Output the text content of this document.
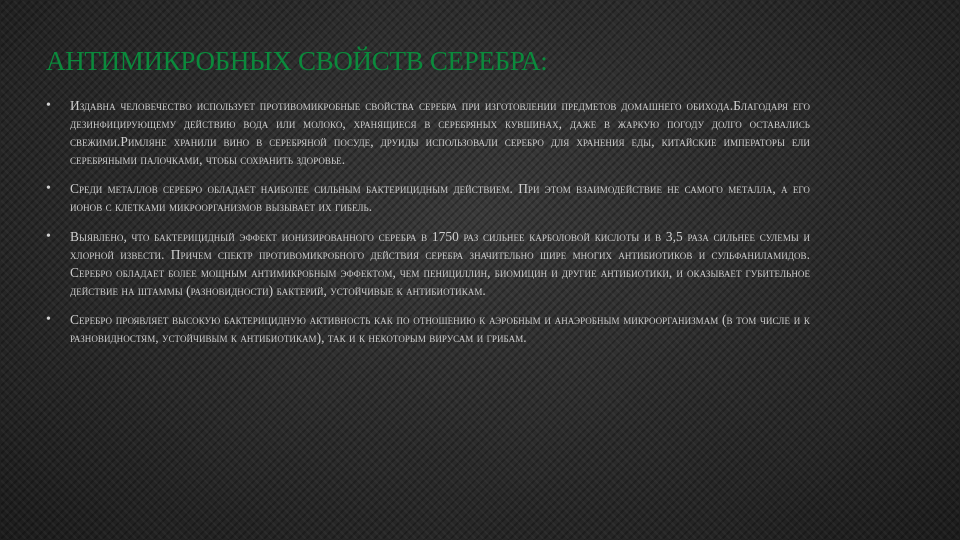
АНТИМИКРОБНЫХ СВОЙСТВ СЕРЕБРА:
• Издавна человечество использует противомикробные свойства серебра при изготовлении предметов домашнего обихода.Благодаря его дезинфицирующему действию вода или молоко, хранящиеся в серебряных кувшинах, даже в жаркую погоду долго оставались свежими.Римляне хранили вино в серебряной посуде, друиды использовали серебро для хранения еды, китайские императоры ели серебряными палочками, чтобы сохранить здоровье.
• Среди металлов серебро обладает наиболее сильным бактерицидным действием. При этом взаимодействие не самого металла, а его ионов с клетками микроорганизмов вызывает их гибель.
• Выявлено, что бактерицидный эффект ионизированного серебра в 1750 раз сильнее карболовой кислоты и в 3,5 раза сильнее сулемы и хлорной извести. Причем спектр противомикробного действия серебра значительно шире многих антибиотиков и сульфаниламидов. Серебро обладает более мощным антимикробным эффектом, чем пенициллин, биомицин и другие антибиотики, и оказывает губительное действие на штаммы (разновидности) бактерий, устойчивые к антибиотикам.
• Серебро проявляет высокую бактерицидную активность как по отношению к аэробным и анаэробным микроорганизмам (в том числе и к разновидностям, устойчивым к антибиотикам), так и к некоторым вирусам и грибам.
